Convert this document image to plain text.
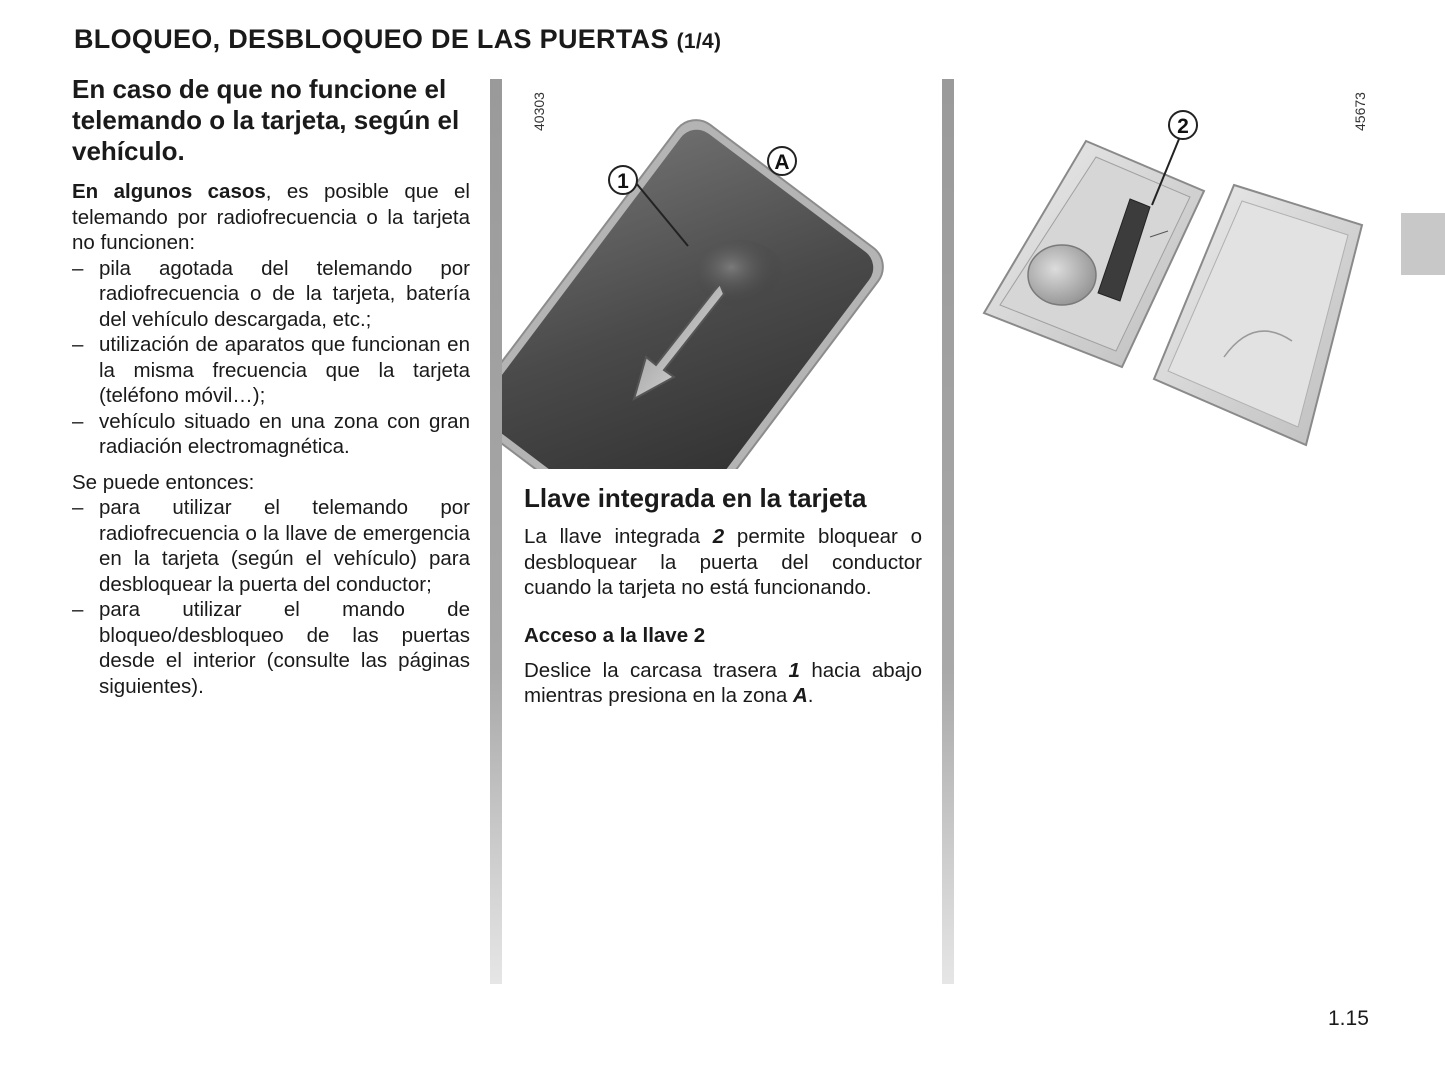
BLOQUEO, DESBLOQUEO DE LAS PUERTAS (1/4)
En caso de que no funcione el telemando o la tarjeta, según el vehículo.

En algunos casos, es posible que el telemando por radiofrecuencia o la tarjeta no funcionen:

– pila agotada del telemando por radiofrecuencia o de la tarjeta, batería del vehículo descargada, etc.;
– utilización de aparatos que funcionan en la misma frecuencia que la tarjeta (teléfono móvil…);
– vehículo situado en una zona con gran radiación electromagnética.

Se puede entonces:

– para utilizar el telemando por radiofrecuencia o la llave de emergencia en la tarjeta (según el vehículo) para desbloquear la puerta del conductor;
– para utilizar el mando de bloqueo/desbloqueo de las puertas desde el interior (consulte las páginas siguientes).
40303
1
A
45673
2
Llave integrada en la tarjeta

La llave integrada 2 permite bloquear o desbloquear la puerta del conductor cuando la tarjeta no está funcionando.

Acceso a la llave 2

Deslice la carcasa trasera 1 hacia abajo mientras presiona en la zona A.

1.15
